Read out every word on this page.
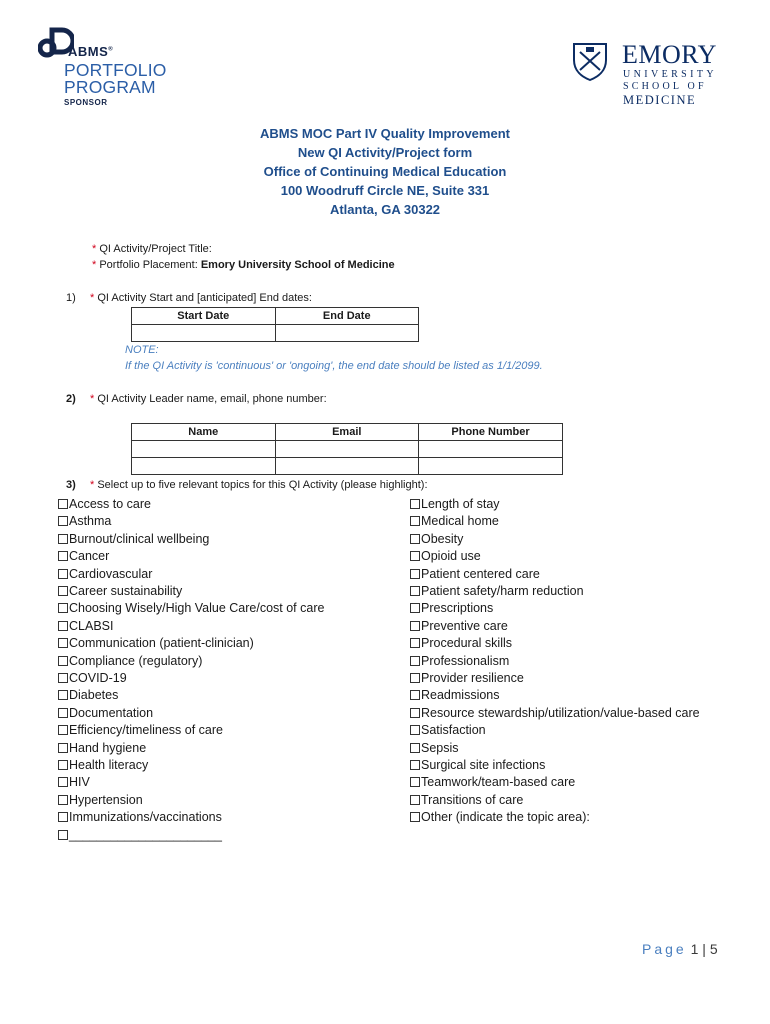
ABMS®
PORTFOLIO
PROGRAM
SPONSOR
EMORY
UNIVERSITY
SCHOOL OF
MEDICINE
ABMS MOC Part IV Quality Improvement
New QI Activity/Project form
Office of Continuing Medical Education
100 Woodruff Circle NE, Suite 331
Atlanta, GA 30322
* QI Activity/Project Title:
* Portfolio Placement: Emory University School of Medicine
1) * QI Activity Start and [anticipated] End dates:
Start Date	End Date

NOTE:
If the QI Activity is 'continuous' or 'ongoing', the end date should be listed as 1/1/2099.
2) * QI Activity Leader name, email, phone number:
Name	Email	Phone Number

3) * Select up to five relevant topics for this QI Activity (please highlight):
Access to care
Asthma
Burnout/clinical wellbeing
Cancer
Cardiovascular
Career sustainability
Choosing Wisely/High Value Care/cost of care
CLABSI
Communication (patient-clinician)
Compliance (regulatory)
COVID-19
Diabetes
Documentation
Efficiency/timeliness of care
Hand hygiene
Health literacy
HIV
Hypertension
Immunizations/vaccinations
______________________
Length of stay
Medical home
Obesity
Opioid use
Patient centered care
Patient safety/harm reduction
Prescriptions
Preventive care
Procedural skills
Professionalism
Provider resilience
Readmissions
Resource stewardship/utilization/value-based care
Satisfaction
Sepsis
Surgical site infections
Teamwork/team-based care
Transitions of care
Other (indicate the topic area):
Page 1 | 5
